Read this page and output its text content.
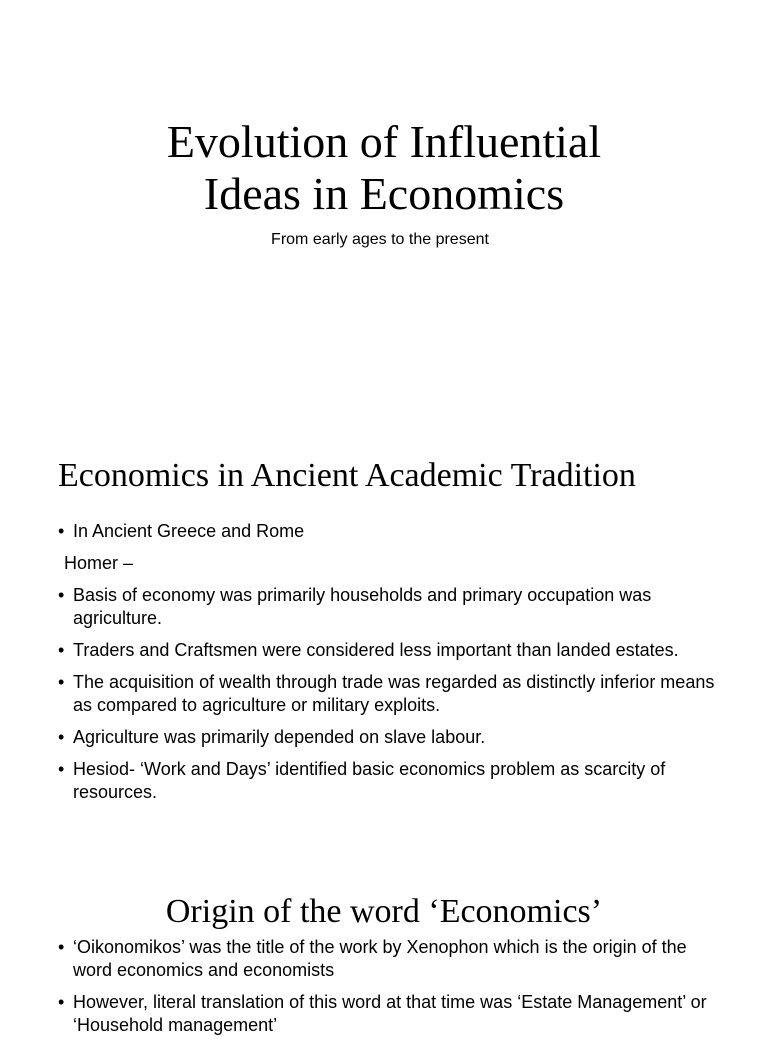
Evolution of Influential
Ideas in Economics
From early ages to the present
Economics in Ancient Academic Tradition
• In Ancient Greece and Rome
Homer –
• Basis of economy was primarily households and primary occupation was agriculture.
• Traders and Craftsmen were considered less important than landed estates.
• The acquisition of wealth through trade was regarded as distinctly inferior means as compared to agriculture or military exploits.
• Agriculture was primarily depended on slave labour.
• Hesiod- ‘Work and Days’ identified basic economics problem as scarcity of resources.
Origin of the word ‘Economics’
• ‘Oikonomikos’ was the title of the work by Xenophon which is the origin of the word economics and economists
• However, literal translation of this word at that time was ‘Estate Management’ or ‘Household management’
